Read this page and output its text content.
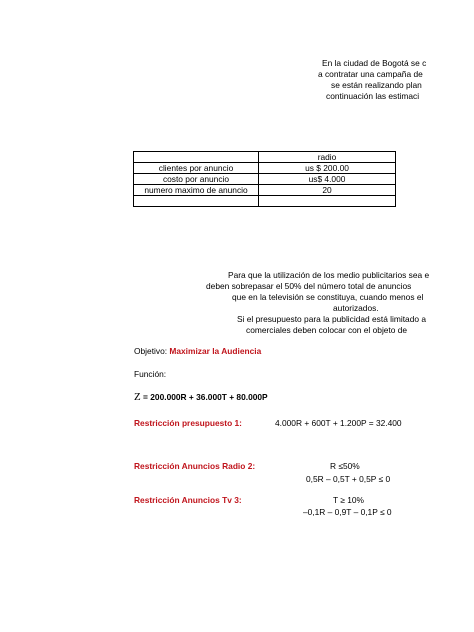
En la ciudad de Bogotá se c
a contratar una campaña de
se están realizando plan
continuación las estimaci
	radio
clientes por anuncio	us $ 200.00
costo por anuncio	us$ 4.000
numero maximo de anuncio	20

Para que la utilización de los medio publicitarios sea e
deben sobrepasar el 50% del número total de anuncios
que en la televisión se constituya, cuando menos el
autorizados.
Si el presupuesto para la publicidad está limitado a
comerciales deben colocar con el objeto de
Objetivo: Maximizar la Audiencia
Función:
Z = 200.000R + 36.000T + 80.000P
Restricción presupuesto 1:	4.000R + 600T + 1.200P = 32.400
Restricción Anuncios Radio 2:	R ≤50%
0,5R – 0,5T + 0,5P ≤ 0
Restricción Anuncios Tv 3:	T ≥ 10%
–0,1R – 0,9T – 0,1P ≤ 0
